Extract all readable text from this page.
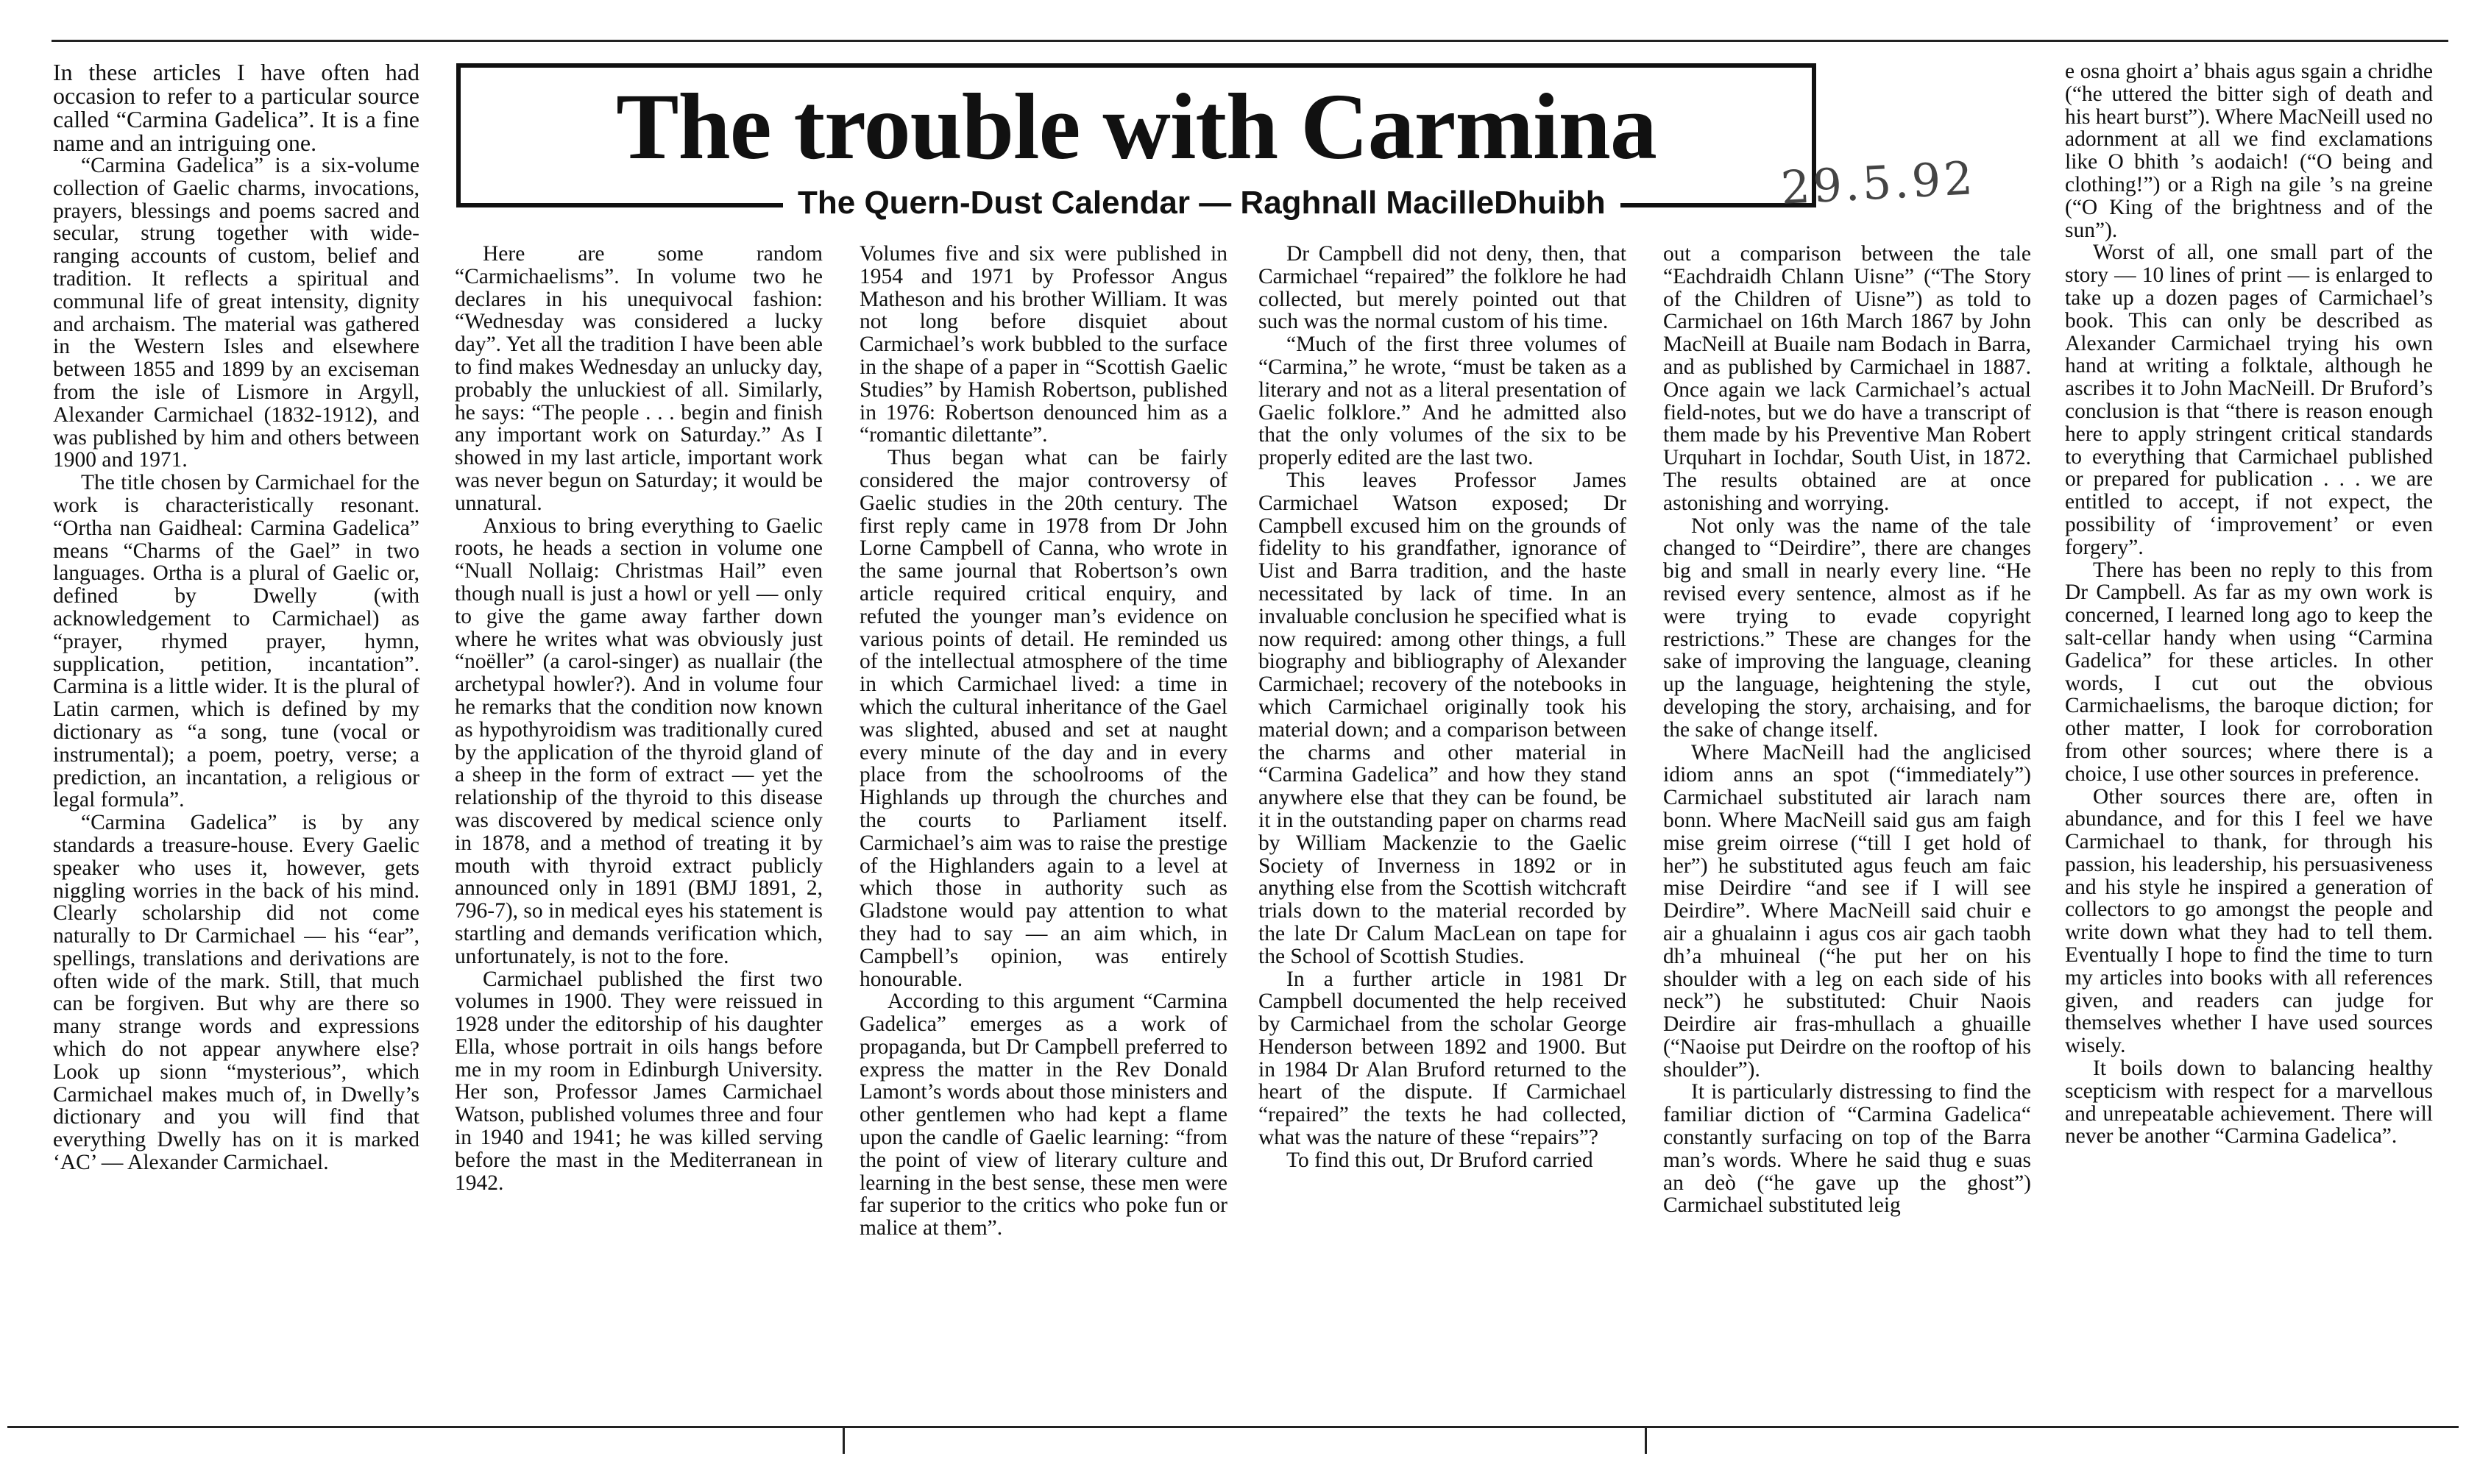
The trouble with Carmina
29.5.92
The Quern-Dust Calendar — Raghnall MacilleDhuibh

In these articles I have often had occasion to refer to a particular source called “Carmina Gadelica”. It is a fine name and an intriguing one.

“Carmina Gadelica” is a six-volume collection of Gaelic charms, invocations, prayers, blessings and poems sacred and secular, strung together with wide-ranging accounts of custom, belief and tradition. It reflects a spiritual and communal life of great intensity, dignity and archaism. The material was gathered in the Western Isles and elsewhere between 1855 and 1899 by an exciseman from the isle of Lismore in Argyll, Alexander Carmichael (1832-1912), and was published by him and others between 1900 and 1971.

The title chosen by Carmichael for the work is characteristically resonant. “Ortha nan Gaidheal: Carmina Gadelica” means “Charms of the Gael” in two languages. Ortha is a plural of Gaelic or, defined by Dwelly (with acknowledgement to Carmichael) as “prayer, rhymed prayer, hymn, supplication, petition, incantation”. Carmina is a little wider. It is the plural of Latin carmen, which is defined by my dictionary as “a song, tune (vocal or instrumental); a poem, poetry, verse; a prediction, an incantation, a religious or legal formula”.

“Carmina Gadelica” is by any standards a treasure-house. Every Gaelic speaker who uses it, however, gets niggling worries in the back of his mind. Clearly scholarship did not come naturally to Dr Carmichael — his “ear”, spellings, translations and derivations are often wide of the mark. Still, that much can be forgiven. But why are there so many strange words and expressions which do not appear anywhere else? Look up sionn “mysterious”, which Carmichael makes much of, in Dwelly’s dictionary and you will find that everything Dwelly has on it is marked ‘AC’ — Alexander Carmichael.

Here are some random “Carmichaelisms”. In volume two he declares in his unequivocal fashion: “Wednesday was considered a lucky day”. Yet all the tradition I have been able to find makes Wednesday an unlucky day, probably the unluckiest of all. Similarly, he says: “The people . . . begin and finish any important work on Saturday.” As I showed in my last article, important work was never begun on Saturday; it would be unnatural.

Anxious to bring everything to Gaelic roots, he heads a section in volume one “Nuall Nollaig: Christmas Hail” even though nuall is just a howl or yell — only to give the game away farther down where he writes what was obviously just “noëller” (a carol-singer) as nuallair (the archetypal howler?). And in volume four he remarks that the condition now known as hypothyroidism was traditionally cured by the application of the thyroid gland of a sheep in the form of extract — yet the relationship of the thyroid to this disease was discovered by medical science only in 1878, and a method of treating it by mouth with thyroid extract publicly announced only in 1891 (BMJ 1891, 2, 796-7), so in medical eyes his statement is startling and demands verification which, unfortunately, is not to the fore.

Carmichael published the first two volumes in 1900. They were reissued in 1928 under the editorship of his daughter Ella, whose portrait in oils hangs before me in my room in Edinburgh University. Her son, Professor James Carmichael Watson, published volumes three and four in 1940 and 1941; he was killed serving before the mast in the Mediterranean in 1942.

Volumes five and six were published in 1954 and 1971 by Professor Angus Matheson and his brother William. It was not long before disquiet about Carmichael’s work bubbled to the surface in the shape of a paper in “Scottish Gaelic Studies” by Hamish Robertson, published in 1976: Robertson denounced him as a “romantic dilettante”.

Thus began what can be fairly considered the major controversy of Gaelic studies in the 20th century. The first reply came in 1978 from Dr John Lorne Campbell of Canna, who wrote in the same journal that Robertson’s own article required critical enquiry, and refuted the younger man’s evidence on various points of detail. He reminded us of the intellectual atmosphere of the time in which Carmichael lived: a time in which the cultural inheritance of the Gael was slighted, abused and set at naught every minute of the day and in every place from the schoolrooms of the Highlands up through the churches and the courts to Parliament itself. Carmichael’s aim was to raise the prestige of the Highlanders again to a level at which those in authority such as Gladstone would pay attention to what they had to say — an aim which, in Campbell’s opinion, was entirely honourable.

According to this argument “Carmina Gadelica” emerges as a work of propaganda, but Dr Campbell preferred to express the matter in the Rev Donald Lamont’s words about those ministers and other gentlemen who had kept a flame upon the candle of Gaelic learning: “from the point of view of literary culture and learning in the best sense, these men were far superior to the critics who poke fun or malice at them”.

Dr Campbell did not deny, then, that Carmichael “repaired” the folklore he had collected, but merely pointed out that such was the normal custom of his time.

“Much of the first three volumes of “Carmina,” he wrote, “must be taken as a literary and not as a literal presentation of Gaelic folklore.” And he admitted also that the only volumes of the six to be properly edited are the last two.

This leaves Professor James Carmichael Watson exposed; Dr Campbell excused him on the grounds of fidelity to his grandfather, ignorance of Uist and Barra tradition, and the haste necessitated by lack of time. In an invaluable conclusion he specified what is now required: among other things, a full biography and bibliography of Alexander Carmichael; recovery of the notebooks in which Carmichael originally took his material down; and a comparison between the charms and other material in “Carmina Gadelica” and how they stand anywhere else that they can be found, be it in the outstanding paper on charms read by William Mackenzie to the Gaelic Society of Inverness in 1892 or in anything else from the Scottish witchcraft trials down to the material recorded by the late Dr Calum MacLean on tape for the School of Scottish Studies.

In a further article in 1981 Dr Campbell documented the help received by Carmichael from the scholar George Henderson between 1892 and 1900. But in 1984 Dr Alan Bruford returned to the heart of the dispute. If Carmichael “repaired” the texts he had collected, what was the nature of these “repairs”?

To find this out, Dr Bruford carried

out a comparison between the tale “Eachdraidh Chlann Uisne” (“The Story of the Children of Uisne”) as told to Carmichael on 16th March 1867 by John MacNeill at Buaile nam Bodach in Barra, and as published by Carmichael in 1887. Once again we lack Carmichael’s actual field-notes, but we do have a transcript of them made by his Preventive Man Robert Urquhart in Iochdar, South Uist, in 1872. The results obtained are at once astonishing and worrying.

Not only was the name of the tale changed to “Deirdire”, there are changes big and small in nearly every line. “He revised every sentence, almost as if he were trying to evade copyright restrictions.” These are changes for the sake of improving the language, cleaning up the language, heightening the style, developing the story, archaising, and for the sake of change itself.

Where MacNeill had the anglicised idiom anns an spot (“immediately”) Carmichael substituted air larach nam bonn. Where MacNeill said gus am faigh mise greim oirrese (“till I get hold of her”) he substituted agus feuch am faic mise Deirdire “and see if I will see Deirdire”. Where MacNeill said chuir e air a ghualainn i agus cos air gach taobh dh’a mhuineal (“he put her on his shoulder with a leg on each side of his neck”) he substituted: Chuir Naois Deirdire air fras-mhullach a ghuaille (“Naoise put Deirdre on the rooftop of his shoulder”).

It is particularly distressing to find the familiar diction of “Carmina Gadelica“ constantly surfacing on top of the Barra man’s words. Where he said thug e suas an deò (“he gave up the ghost”) Carmichael substituted leig

e osna ghoirt a’ bhais agus sgain a chridhe (“he uttered the bitter sigh of death and his heart burst”). Where MacNeill used no adornment at all we find exclamations like O bhith ’s aodaich! (“O being and clothing!”) or a Righ na gile ’s na greine (“O King of the brightness and of the sun”).

Worst of all, one small part of the story — 10 lines of print — is enlarged to take up a dozen pages of Carmichael’s book. This can only be described as Alexander Carmichael trying his own hand at writing a folktale, although he ascribes it to John MacNeill. Dr Bruford’s conclusion is that “there is reason enough here to apply stringent critical standards to everything that Carmichael published or prepared for publication . . . we are entitled to accept, if not expect, the possibility of ‘improvement’ or even forgery”.

There has been no reply to this from Dr Campbell. As far as my own work is concerned, I learned long ago to keep the salt-cellar handy when using “Carmina Gadelica” for these articles. In other words, I cut out the obvious Carmichaelisms, the baroque diction; for other matter, I look for corroboration from other sources; where there is a choice, I use other sources in preference.

Other sources there are, often in abundance, and for this I feel we have Carmichael to thank, for through his passion, his leadership, his persuasiveness and his style he inspired a generation of collectors to go amongst the people and write down what they had to tell them. Eventually I hope to find the time to turn my articles into books with all references given, and readers can judge for themselves whether I have used sources wisely.

It boils down to balancing healthy scepticism with respect for a marvellous and unrepeatable achievement. There will never be another “Carmina Gadelica”.
